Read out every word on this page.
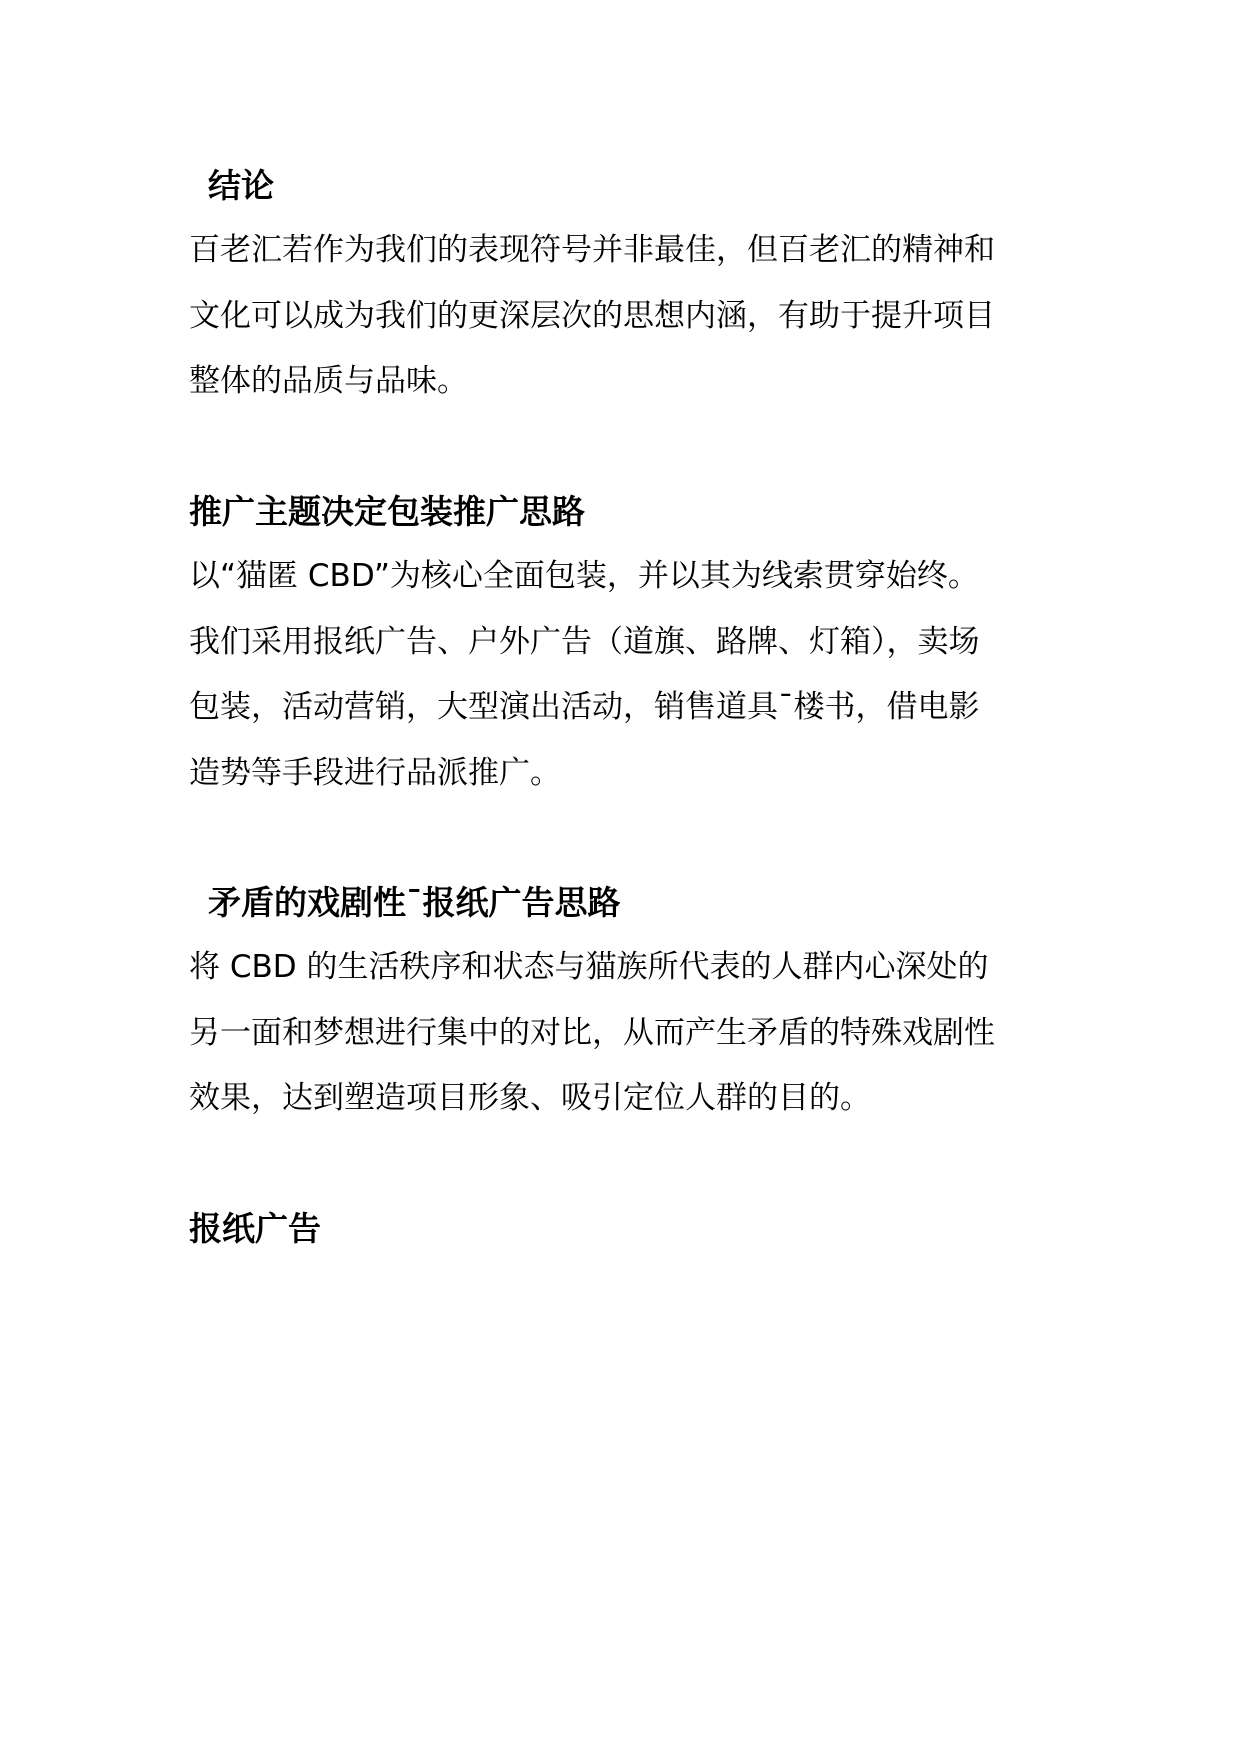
结论
百老汇若作为我们的表现符号并非最佳，但百老汇的精神和
文化可以成为我们的更深层次的思想内涵，有助于提升项目
整体的品质与品味。
推广主题决定包装推广思路
以“猫匿 CBD”为核心全面包装，并以其为线索贯穿始终。
我们采用报纸广告、户外广告（道旗、路牌、灯箱），卖场
包装，活动营销，大型演出活动，销售道具¯楼书，借电影
造势等手段进行品派推广。
矛盾的戏剧性¯报纸广告思路
将 CBD 的生活秩序和状态与猫族所代表的人群内心深处的
另一面和梦想进行集中的对比，从而产生矛盾的特殊戏剧性
效果，达到塑造项目形象、吸引定位人群的目的。
报纸广告
